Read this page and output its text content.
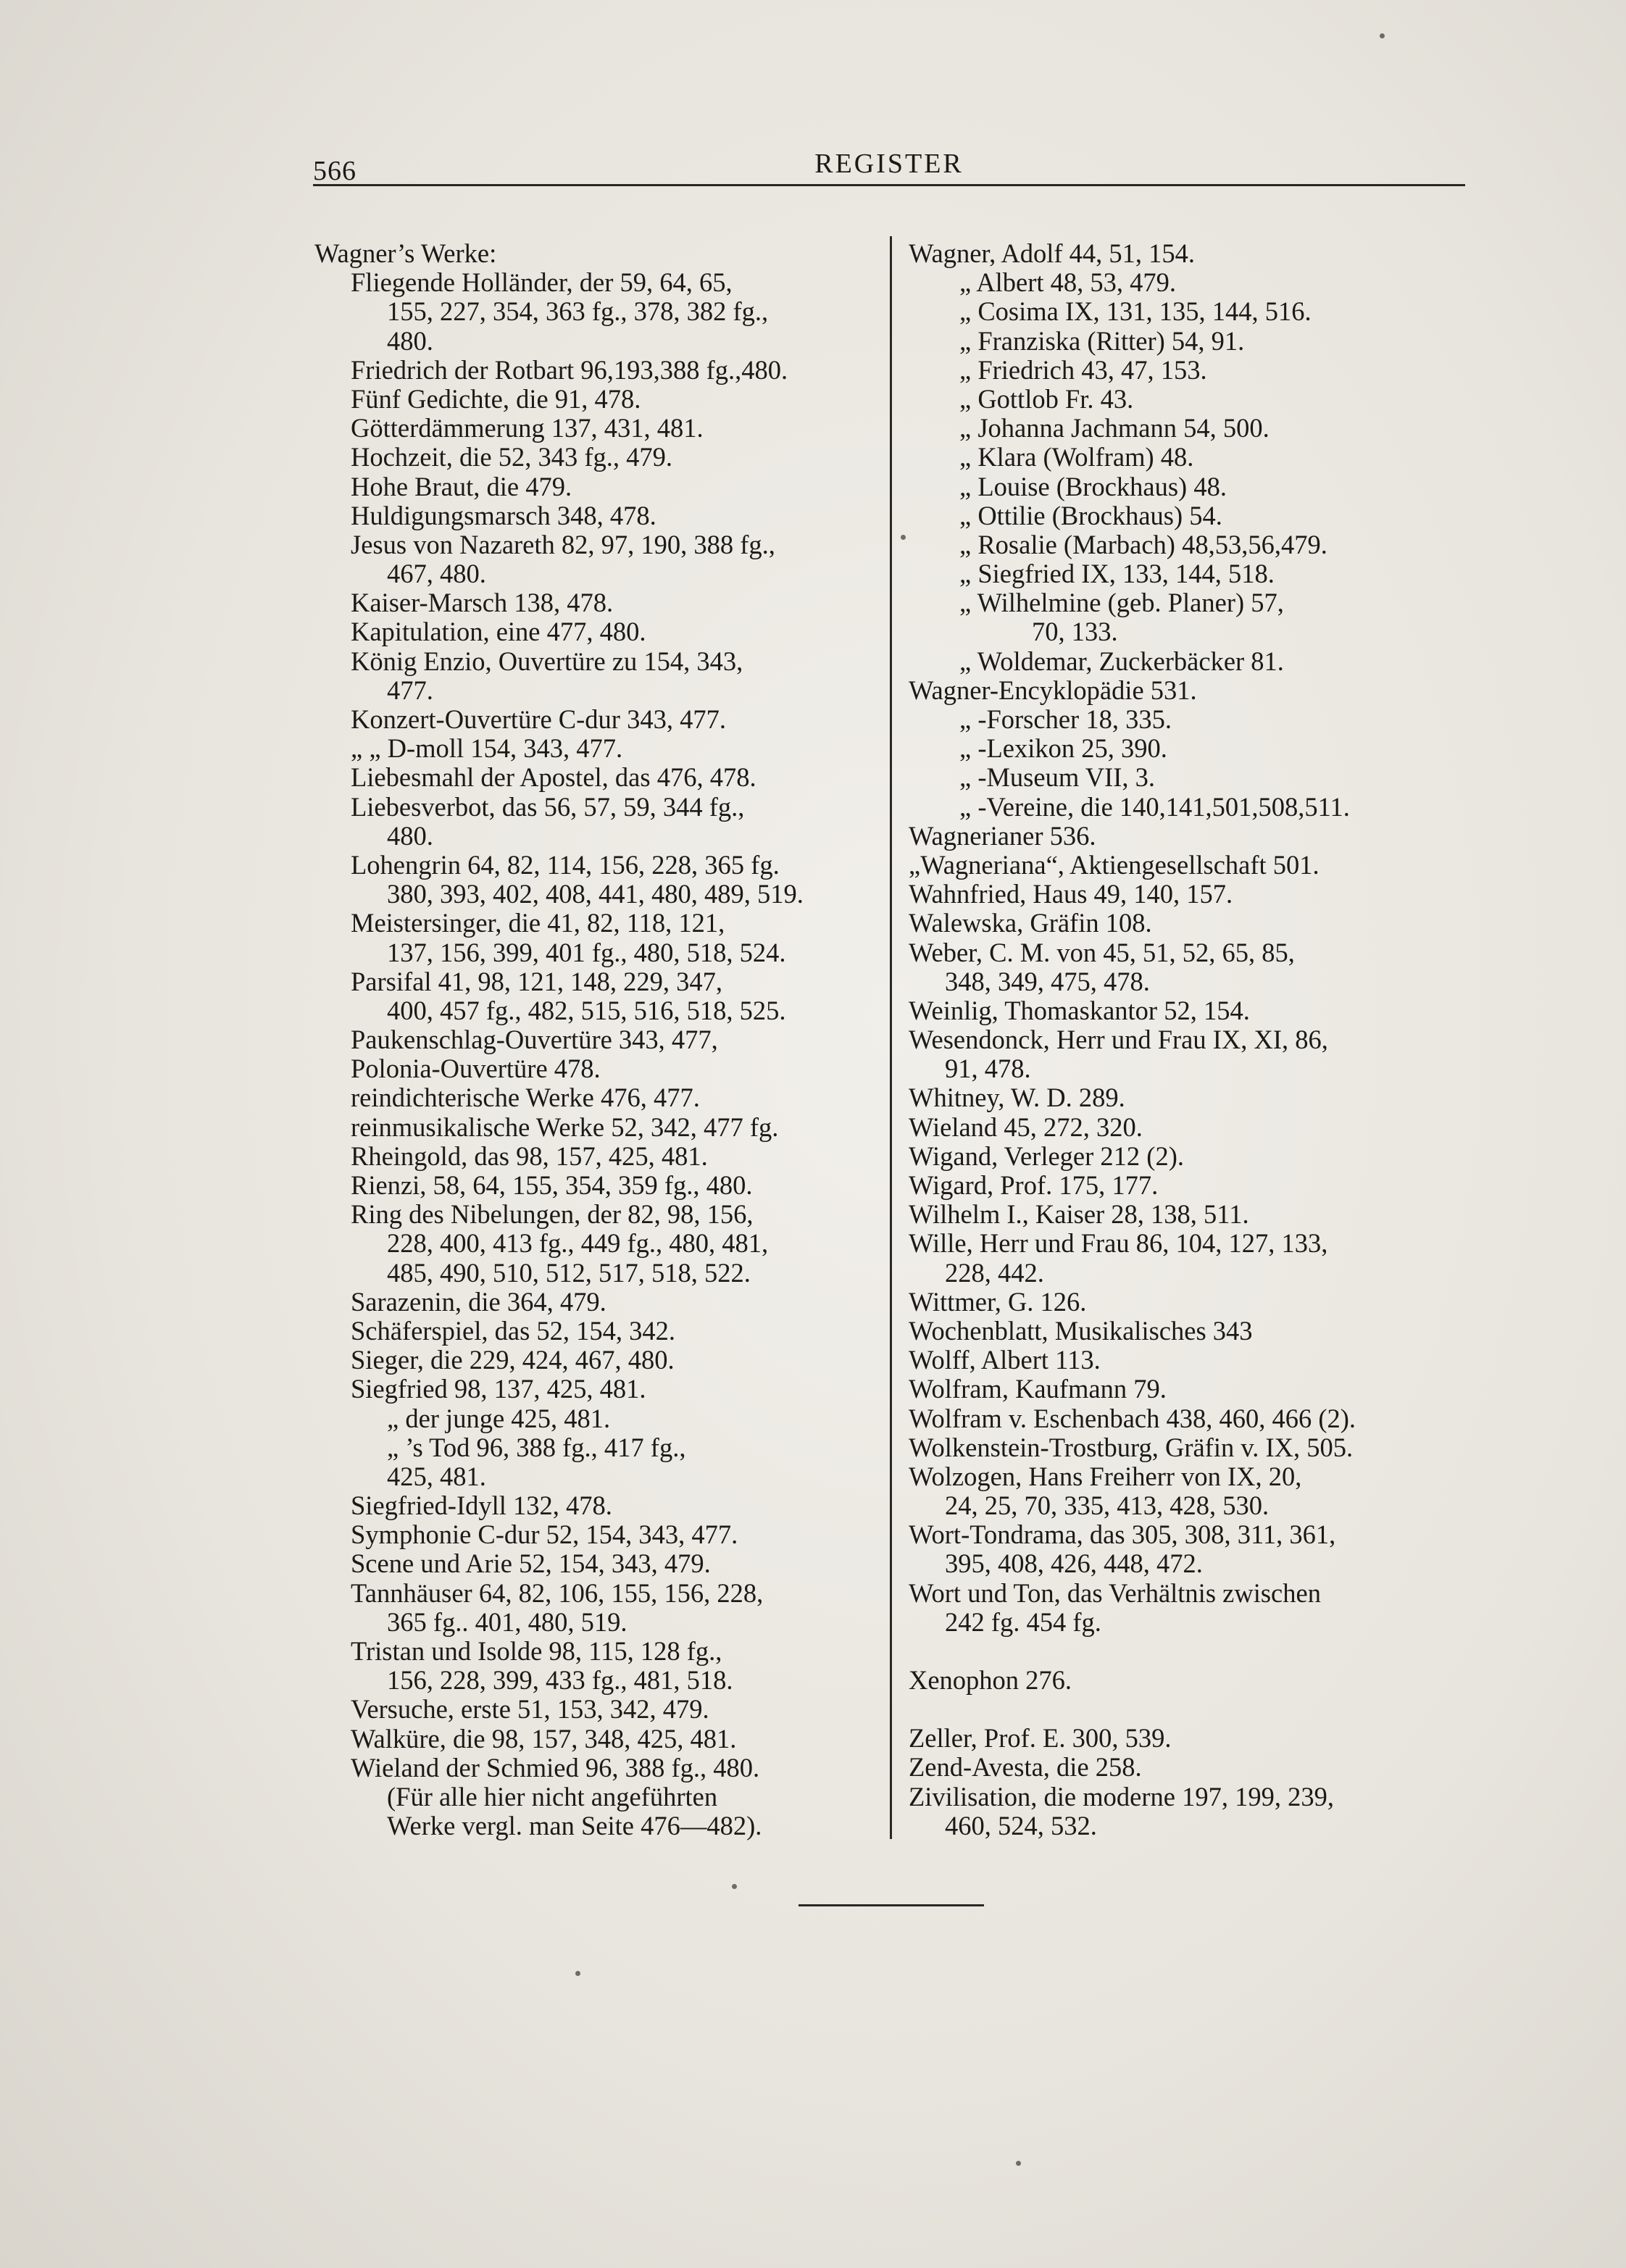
566	REGISTER
Wagner’s Werke:
Fliegende Holländer, der 59, 64, 65,
155, 227, 354, 363 fg., 378, 382 fg.,
480.
Friedrich der Rotbart 96,193,388 fg.,480.
Fünf Gedichte, die 91, 478.
Götterdämmerung 137, 431, 481.
Hochzeit, die 52, 343 fg., 479.
Hohe Braut, die 479.
Huldigungsmarsch 348, 478.
Jesus von Nazareth 82, 97, 190, 388 fg.,
467, 480.
Kaiser-Marsch 138, 478.
Kapitulation, eine 477, 480.
König Enzio, Ouvertüre zu 154, 343,
477.
Konzert-Ouvertüre C-dur 343, 477.
„ „ D-moll 154, 343, 477.
Liebesmahl der Apostel, das 476, 478.
Liebesverbot, das 56, 57, 59, 344 fg.,
480.
Lohengrin 64, 82, 114, 156, 228, 365 fg.
380, 393, 402, 408, 441, 480, 489, 519.
Meistersinger, die 41, 82, 118, 121,
137, 156, 399, 401 fg., 480, 518, 524.
Parsifal 41, 98, 121, 148, 229, 347,
400, 457 fg., 482, 515, 516, 518, 525.
Paukenschlag-Ouvertüre 343, 477,
Polonia-Ouvertüre 478.
reindichterische Werke 476, 477.
reinmusikalische Werke 52, 342, 477 fg.
Rheingold, das 98, 157, 425, 481.
Rienzi, 58, 64, 155, 354, 359 fg., 480.
Ring des Nibelungen, der 82, 98, 156,
228, 400, 413 fg., 449 fg., 480, 481,
485, 490, 510, 512, 517, 518, 522.
Sarazenin, die 364, 479.
Schäferspiel, das 52, 154, 342.
Sieger, die 229, 424, 467, 480.
Siegfried 98, 137, 425, 481.
„ der junge 425, 481.
„ ’s Tod 96, 388 fg., 417 fg.,
425, 481.
Siegfried-Idyll 132, 478.
Symphonie C-dur 52, 154, 343, 477.
Scene und Arie 52, 154, 343, 479.
Tannhäuser 64, 82, 106, 155, 156, 228,
365 fg.. 401, 480, 519.
Tristan und Isolde 98, 115, 128 fg.,
156, 228, 399, 433 fg., 481, 518.
Versuche, erste 51, 153, 342, 479.
Walküre, die 98, 157, 348, 425, 481.
Wieland der Schmied 96, 388 fg., 480.
(Für alle hier nicht angeführten
Werke vergl. man Seite 476—482).
Wagner, Adolf 44, 51, 154.
„ Albert 48, 53, 479.
„ Cosima IX, 131, 135, 144, 516.
„ Franziska (Ritter) 54, 91.
„ Friedrich 43, 47, 153.
„ Gottlob Fr. 43.
„ Johanna Jachmann 54, 500.
„ Klara (Wolfram) 48.
„ Louise (Brockhaus) 48.
„ Ottilie (Brockhaus) 54.
„ Rosalie (Marbach) 48,53,56,479.
„ Siegfried IX, 133, 144, 518.
„ Wilhelmine (geb. Planer) 57,
70, 133.
„ Woldemar, Zuckerbäcker 81.
Wagner-Encyklopädie 531.
„ -Forscher 18, 335.
„ -Lexikon 25, 390.
„ -Museum VII, 3.
„ -Vereine, die 140,141,501,508,511.
Wagnerianer 536.
„Wagneriana“, Aktiengesellschaft 501.
Wahnfried, Haus 49, 140, 157.
Walewska, Gräfin 108.
Weber, C. M. von 45, 51, 52, 65, 85,
348, 349, 475, 478.
Weinlig, Thomaskantor 52, 154.
Wesendonck, Herr und Frau IX, XI, 86,
91, 478.
Whitney, W. D. 289.
Wieland 45, 272, 320.
Wigand, Verleger 212 (2).
Wigard, Prof. 175, 177.
Wilhelm I., Kaiser 28, 138, 511.
Wille, Herr und Frau 86, 104, 127, 133,
228, 442.
Wittmer, G. 126.
Wochenblatt, Musikalisches 343
Wolff, Albert 113.
Wolfram, Kaufmann 79.
Wolfram v. Eschenbach 438, 460, 466 (2).
Wolkenstein-Trostburg, Gräfin v. IX, 505.
Wolzogen, Hans Freiherr von IX, 20,
24, 25, 70, 335, 413, 428, 530.
Wort-Tondrama, das 305, 308, 311, 361,
395, 408, 426, 448, 472.
Wort und Ton, das Verhältnis zwischen
242 fg. 454 fg.
Xenophon 276.
Zeller, Prof. E. 300, 539.
Zend-Avesta, die 258.
Zivilisation, die moderne 197, 199, 239,
460, 524, 532.
